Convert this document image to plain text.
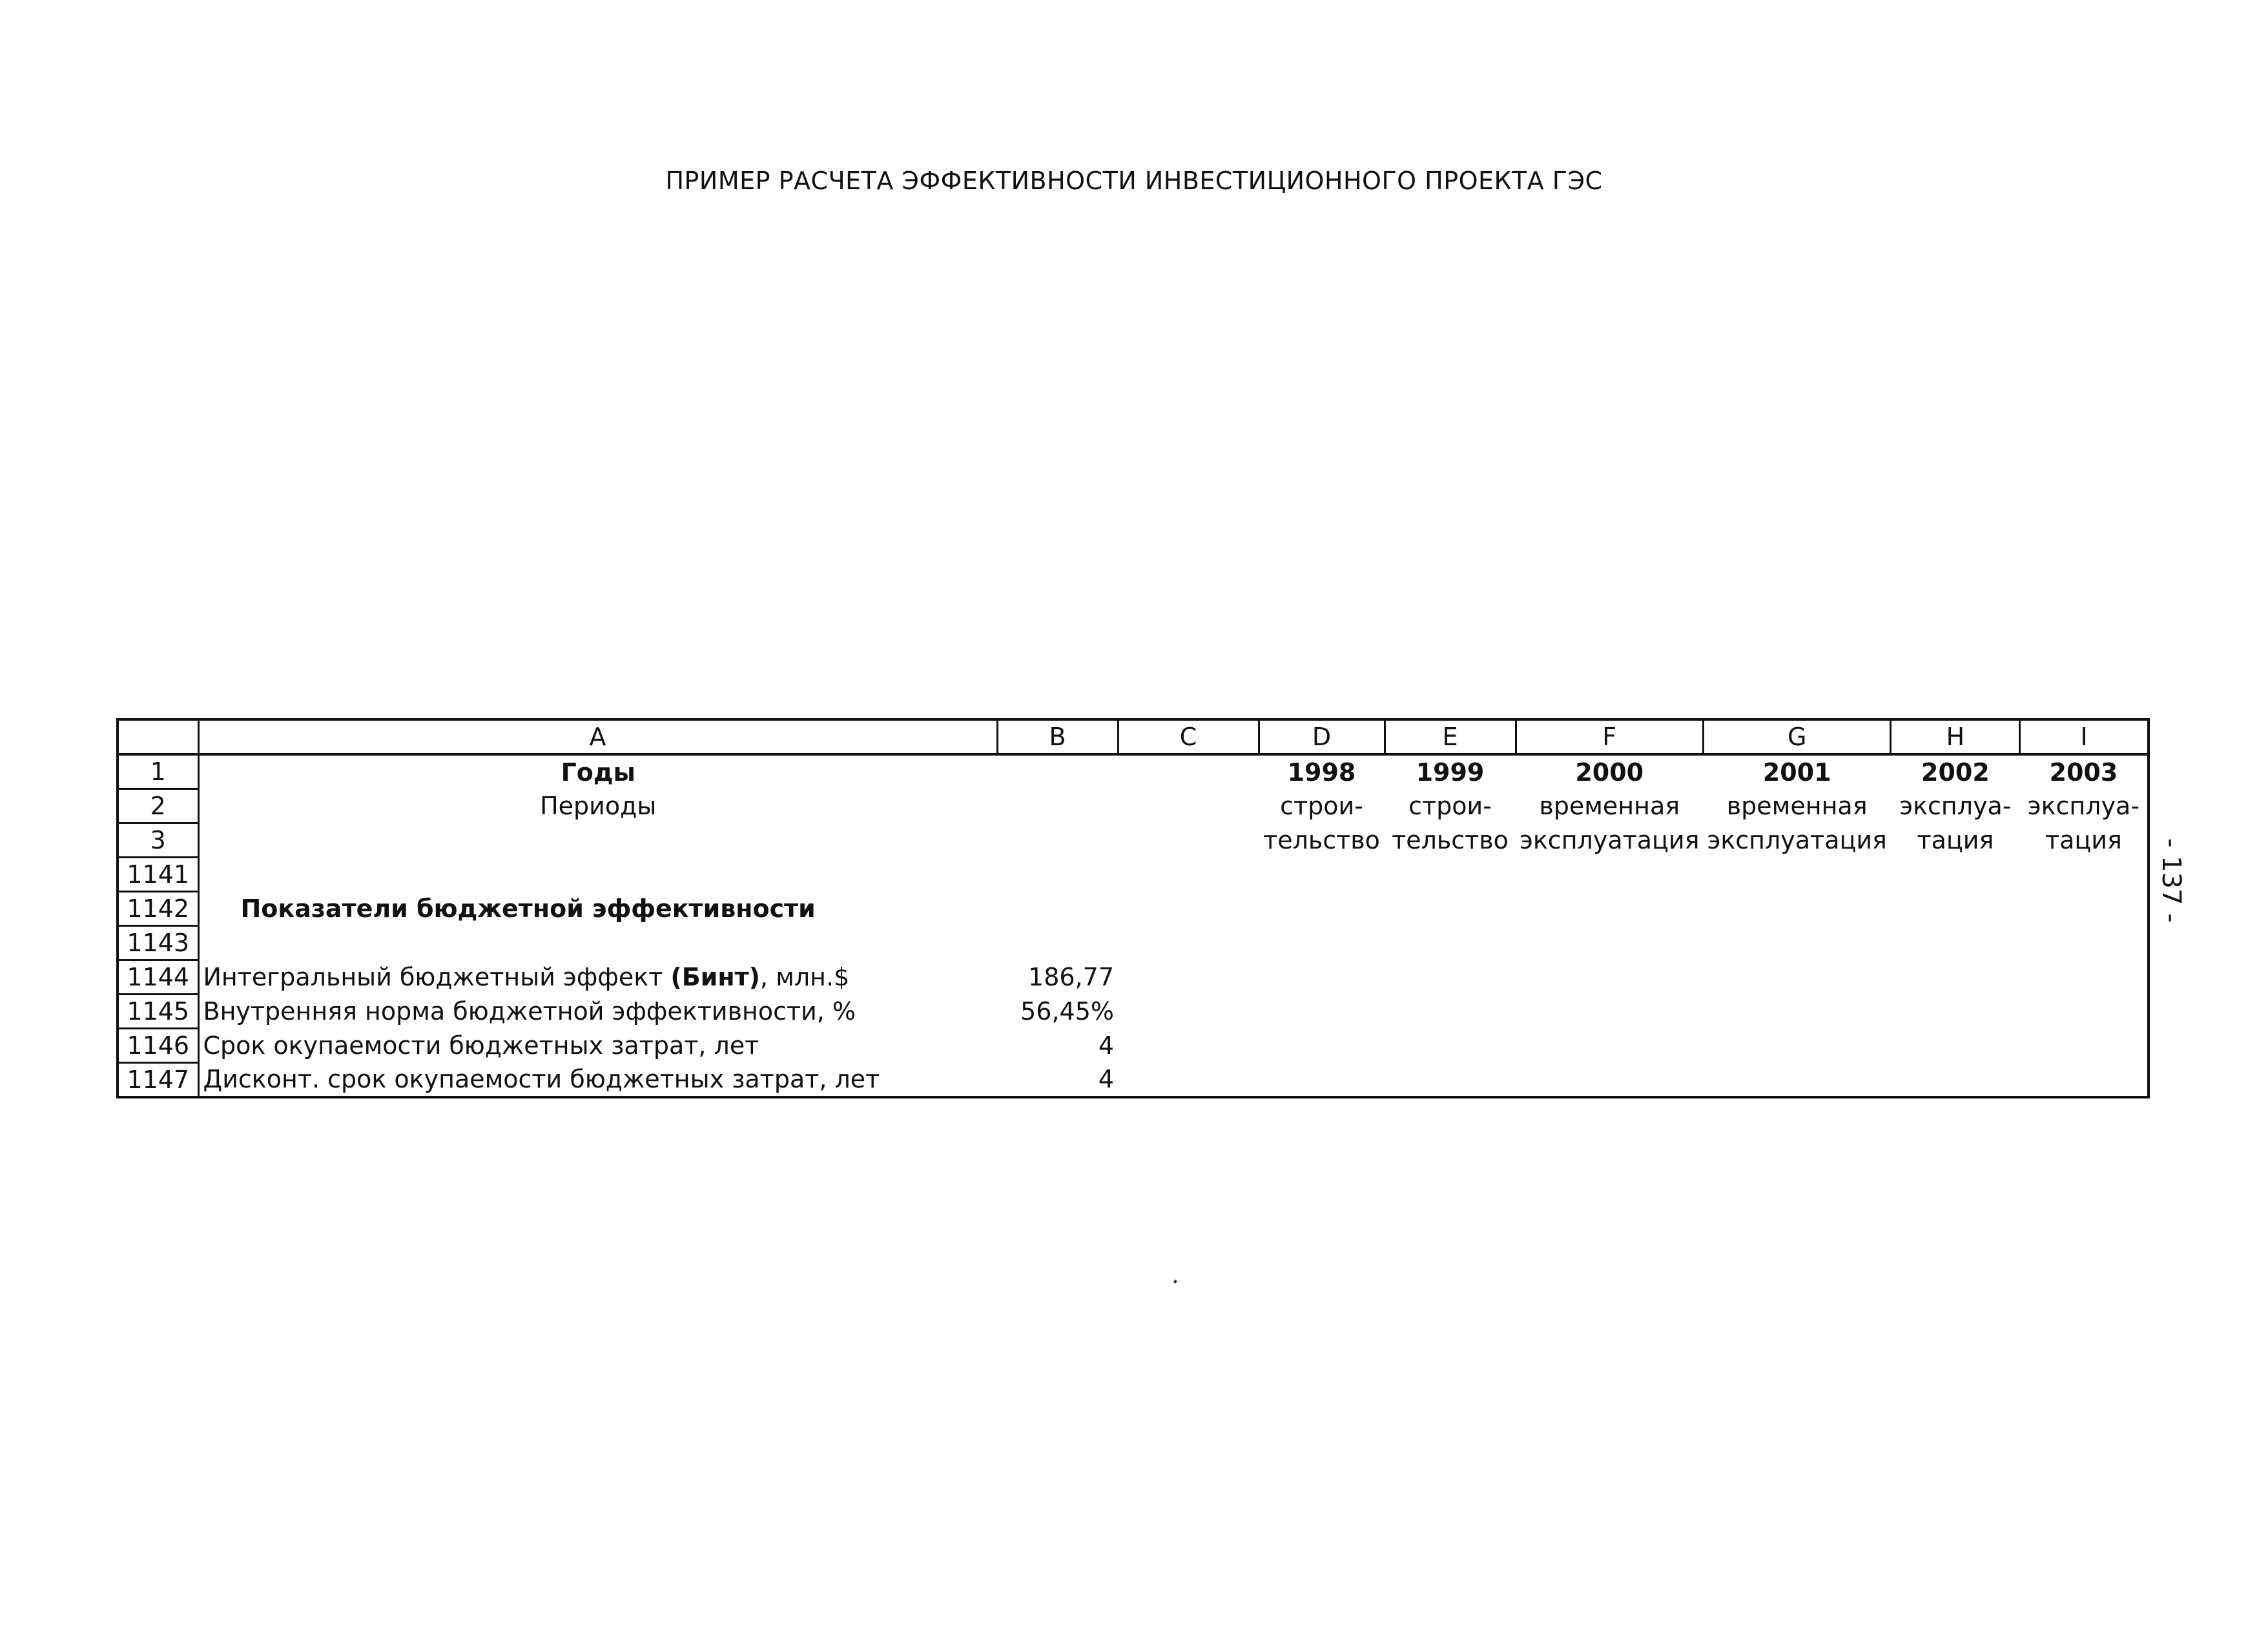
ПРИМЕР РАСЧЕТА ЭФФЕКТИВНОСТИ ИНВЕСТИЦИОННОГО ПРОЕКТА ГЭС
- 137 -
	A	B	C	D	E	F	G	H	I
1	Годы			1998	1999	2000	2001	2002	2003
2	Периоды			строи-	строи-	временная	временная	эксплуа-	эксплуа-
3				тельство	тельство	эксплуатация	эксплуатация	тация	тация
1141									
1142	Показатели бюджетной эффективности								
1143									
1144	Интегральный бюджетный эффект (Бинт), млн.$	186,77							
1145	Внутренняя норма бюджетной эффективности, %	56,45%							
1146	Срок окупаемости бюджетных затрат, лет	4							
1147	Дисконт. срок окупаемости бюджетных затрат, лет	4							
